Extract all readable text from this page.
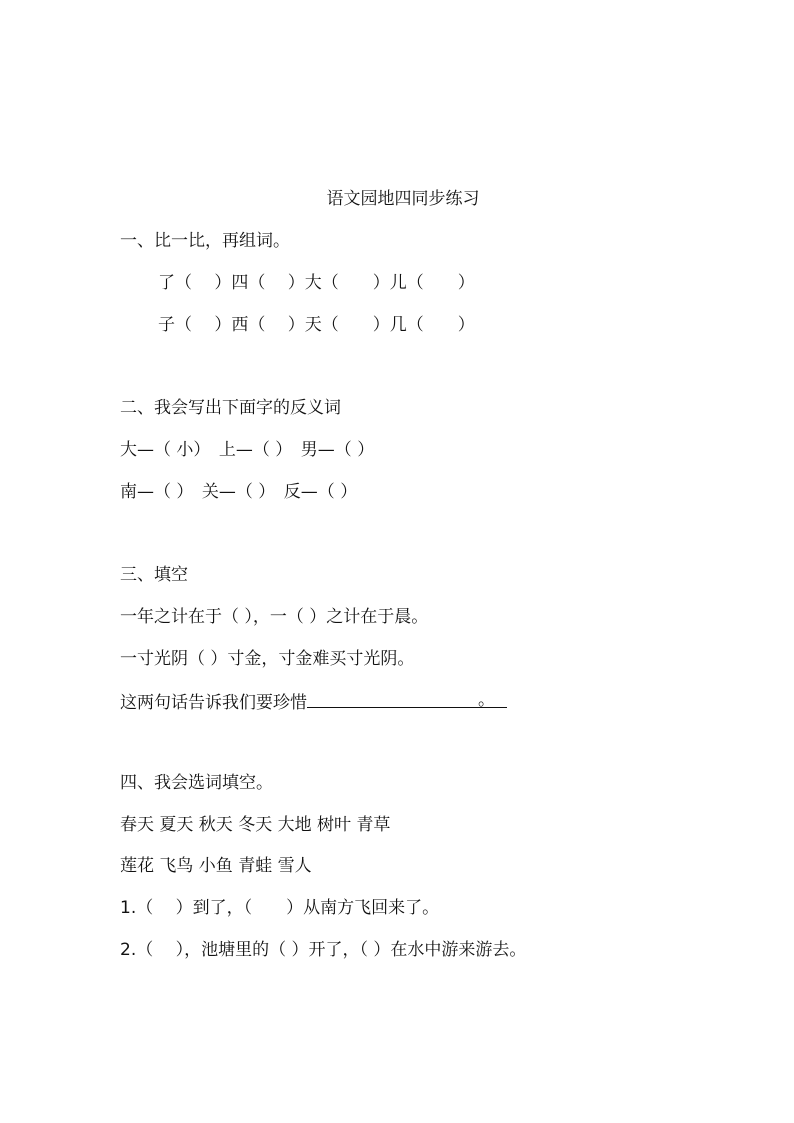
语文园地四同步练习
一、比一比，再组词。
了（　 ）四（　 ）大（　　）儿（　　）
子（　 ）西（　 ）天（　　）几（　　）
二、我会写出下面字的反义词
大—（ 小）　上—（ ）　男—（ ）
南—（ ）　关—（ ）　反—（ ）
三、填空
一年之计在于（ ），一（ ）之计在于晨。
一寸光阴（ ）寸金，寸金难买寸光阴。
这两句话告诉我们要珍惜	。
四、我会选词填空。
春天 夏天 秋天 冬天 大地 树叶 青草
莲花 飞鸟 小鱼 青蛙 雪人
1.（　 ）到了，（　　）从南方飞回来了。
2.（　 ），池塘里的（ ）开了，（ ）在水中游来游去。
